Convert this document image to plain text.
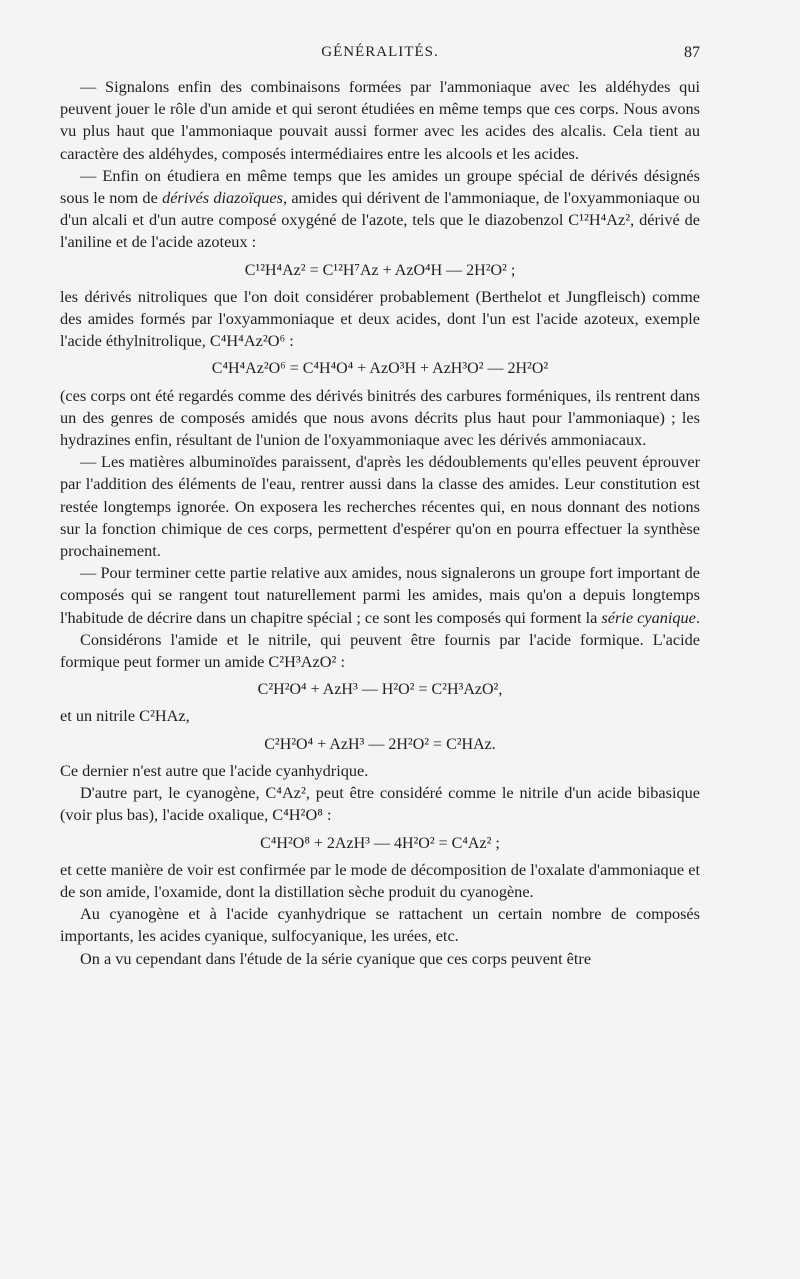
GÉNÉRALITÉS.	87

— Signalons enfin des combinaisons formées par l'ammoniaque avec les aldéhydes qui peuvent jouer le rôle d'un amide et qui seront étudiées en même temps que ces corps. Nous avons vu plus haut que l'ammoniaque pouvait aussi former avec les acides des alcalis. Cela tient au caractère des aldéhydes, composés intermédiaires entre les alcools et les acides.

— Enfin on étudiera en même temps que les amides un groupe spécial de dérivés désignés sous le nom de dérivés diazoïques, amides qui dérivent de l'ammoniaque, de l'oxyammoniaque ou d'un alcali et d'un autre composé oxygéné de l'azote, tels que le diazobenzol C¹²H⁴Az², dérivé de l'aniline et de l'acide azoteux :

C¹²H⁴Az² = C¹²H⁷Az + AzO⁴H — 2H²O² ;

les dérivés nitroliques que l'on doit considérer probablement (Berthelot et Jungfleisch) comme des amides formés par l'oxyammoniaque et deux acides, dont l'un est l'acide azoteux, exemple l'acide éthylnitrolique, C⁴H⁴Az²O⁶ :

C⁴H⁴Az²O⁶ = C⁴H⁴O⁴ + AzO³H + AzH³O² — 2H²O²

(ces corps ont été regardés comme des dérivés binitrés des carbures forméniques, ils rentrent dans un des genres de composés amidés que nous avons décrits plus haut pour l'ammoniaque) ; les hydrazines enfin, résultant de l'union de l'oxyammoniaque avec les dérivés ammoniacaux.

— Les matières albuminoïdes paraissent, d'après les dédoublements qu'elles peuvent éprouver par l'addition des éléments de l'eau, rentrer aussi dans la classe des amides. Leur constitution est restée longtemps ignorée. On exposera les recherches récentes qui, en nous donnant des notions sur la fonction chimique de ces corps, permettent d'espérer qu'on en pourra effectuer la synthèse prochainement.

— Pour terminer cette partie relative aux amides, nous signalerons un groupe fort important de composés qui se rangent tout naturellement parmi les amides, mais qu'on a depuis longtemps l'habitude de décrire dans un chapitre spécial ; ce sont les composés qui forment la série cyanique.

Considérons l'amide et le nitrile, qui peuvent être fournis par l'acide formique. L'acide formique peut former un amide C²H³AzO² :

C²H²O⁴ + AzH³ — H²O² = C²H³AzO²,

et un nitrile C²HAz,

C²H²O⁴ + AzH³ — 2H²O² = C²HAz.

Ce dernier n'est autre que l'acide cyanhydrique.

D'autre part, le cyanogène, C⁴Az², peut être considéré comme le nitrile d'un acide bibasique (voir plus bas), l'acide oxalique, C⁴H²O⁸ :

C⁴H²O⁸ + 2AzH³ — 4H²O² = C⁴Az² ;

et cette manière de voir est confirmée par le mode de décomposition de l'oxalate d'ammoniaque et de son amide, l'oxamide, dont la distillation sèche produit du cyanogène.

Au cyanogène et à l'acide cyanhydrique se rattachent un certain nombre de composés importants, les acides cyanique, sulfocyanique, les urées, etc.

On a vu cependant dans l'étude de la série cyanique que ces corps peuvent être
